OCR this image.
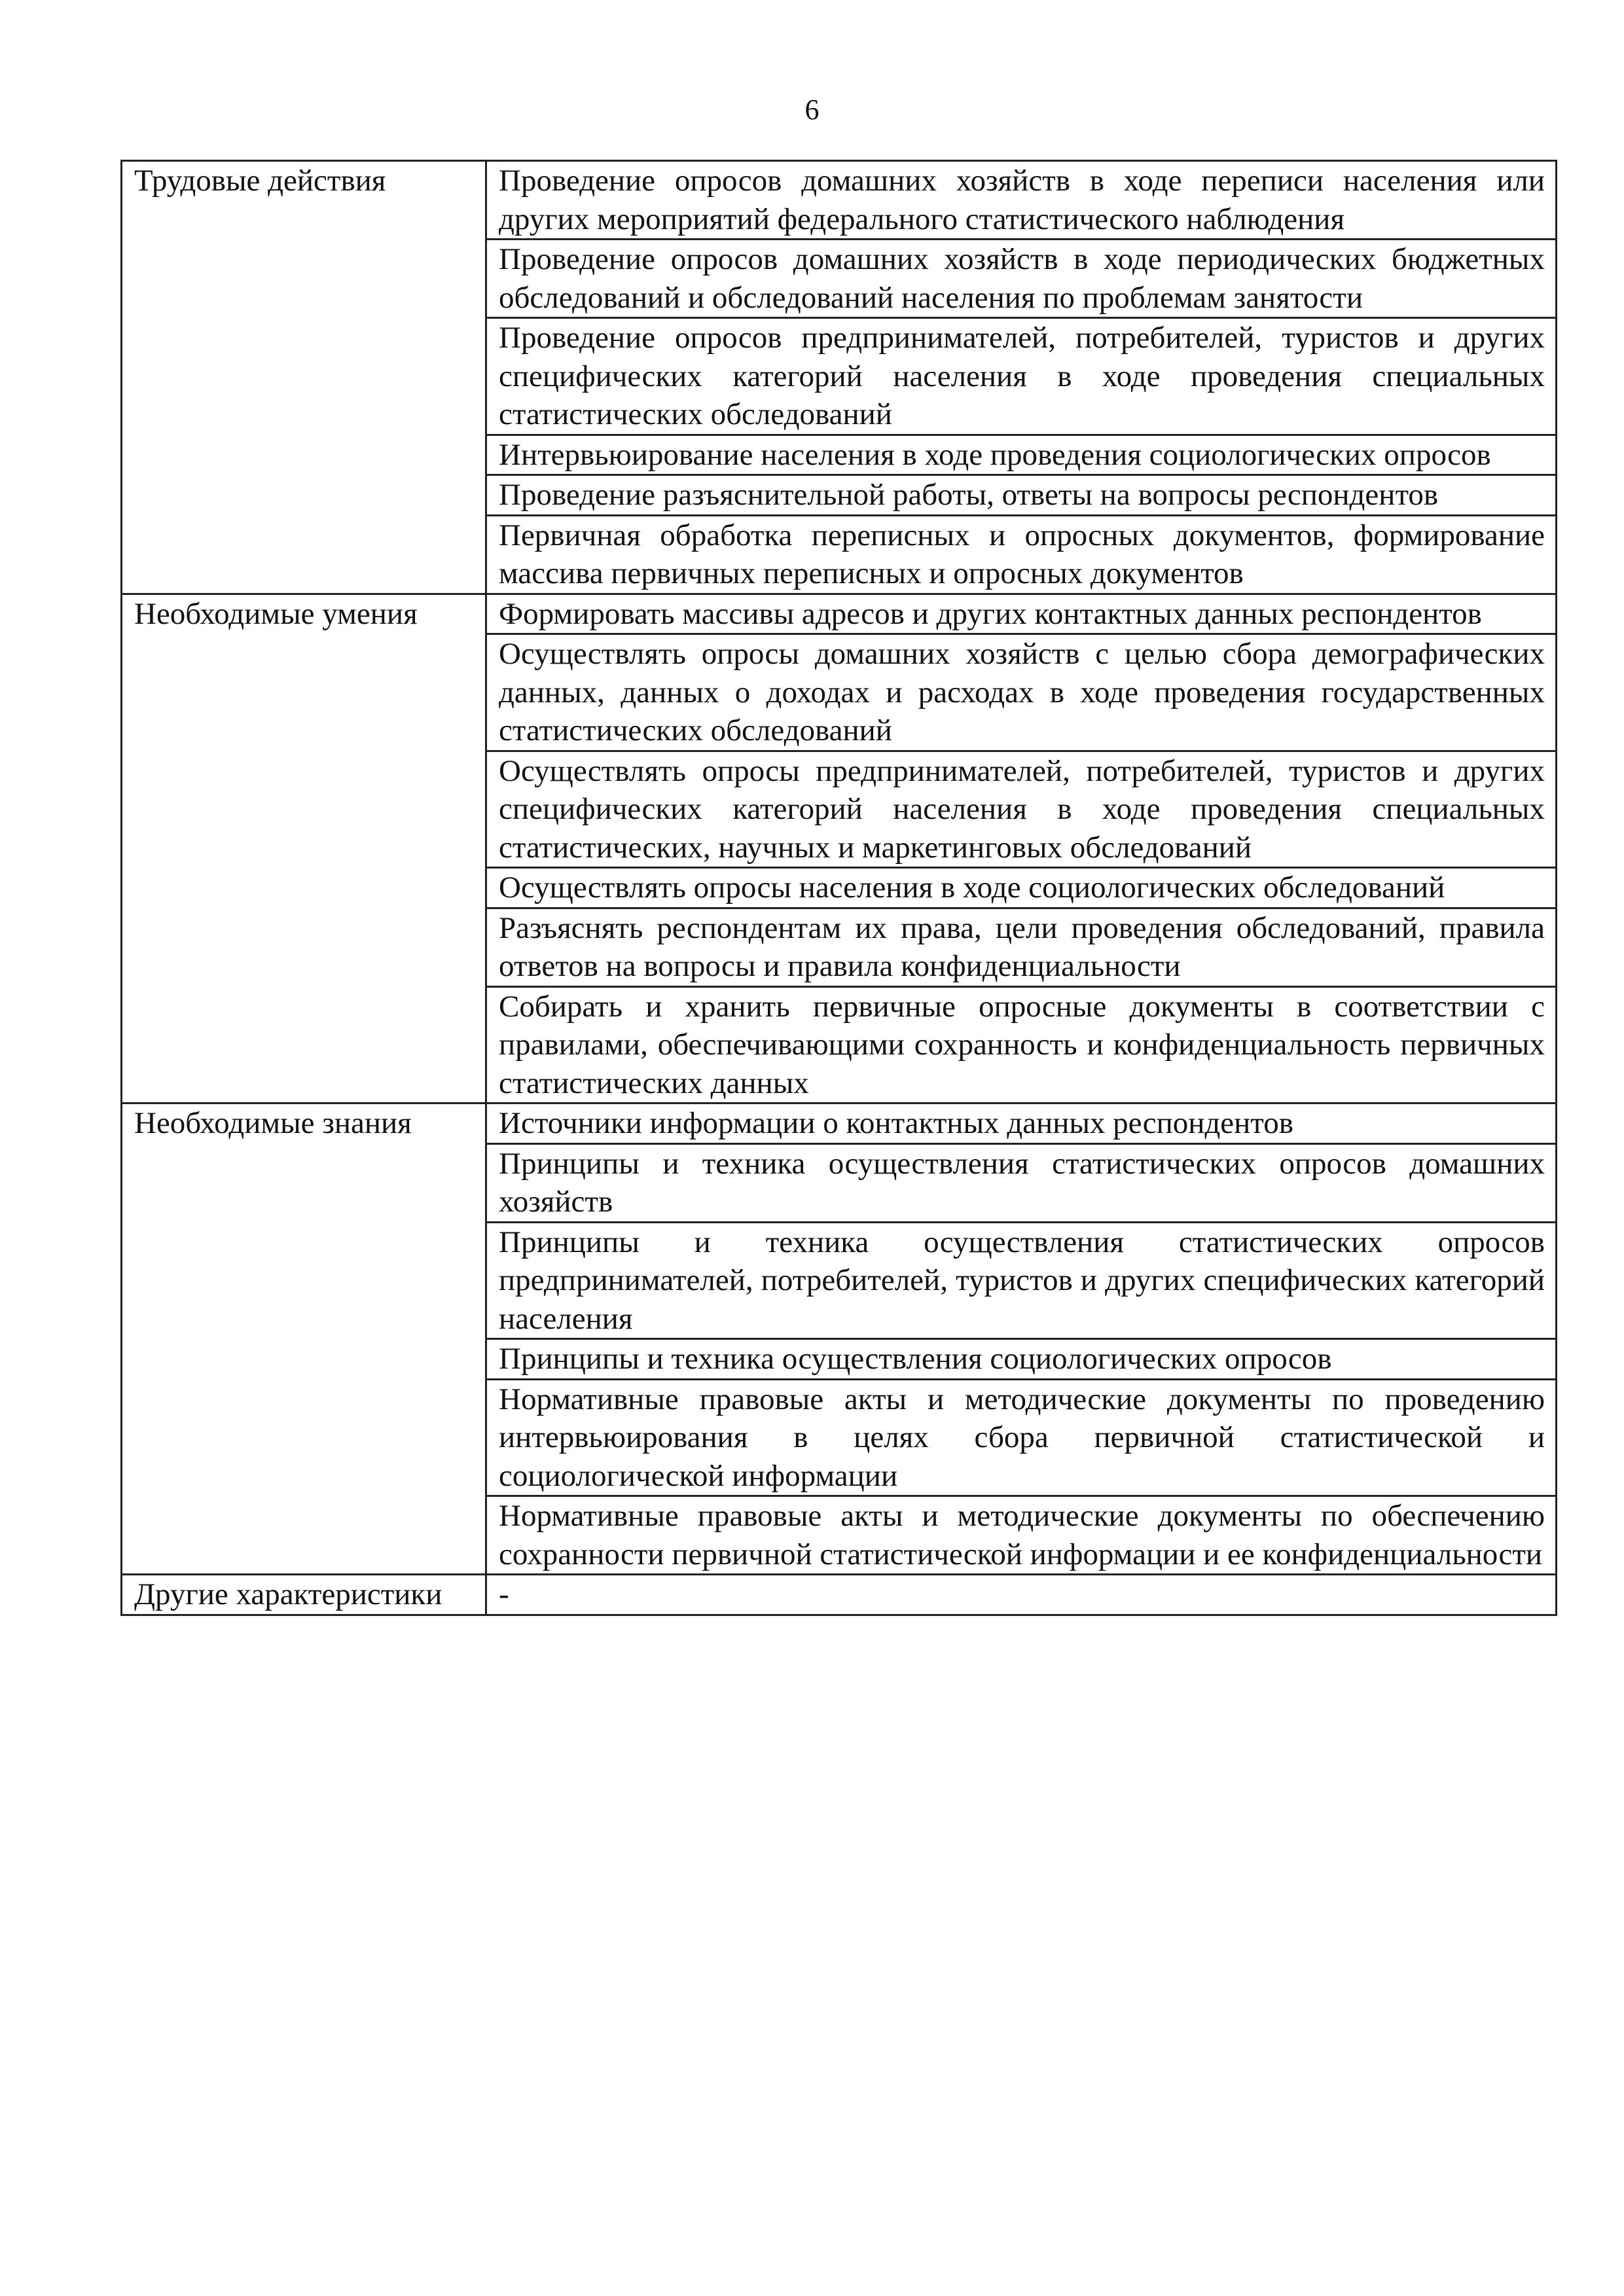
6
Трудовые действия	Проведение опросов домашних хозяйств в ходе переписи населения или других мероприятий федерального статистического наблюдения
	Проведение опросов домашних хозяйств в ходе периодических бюджетных обследований и обследований населения по проблемам занятости
	Проведение опросов предпринимателей, потребителей, туристов и других специфических категорий населения в ходе проведения специальных статистических обследований
	Интервьюирование населения в ходе проведения социологических опросов
	Проведение разъяснительной работы, ответы на вопросы респондентов
	Первичная обработка переписных и опросных документов, формирование массива первичных переписных и опросных документов
Необходимые умения	Формировать массивы адресов и других контактных данных респондентов
	Осуществлять опросы домашних хозяйств с целью сбора демографических данных, данных о доходах и расходах в ходе проведения государственных статистических обследований
	Осуществлять опросы предпринимателей, потребителей, туристов и других специфических категорий населения в ходе проведения специальных статистических, научных и маркетинговых обследований
	Осуществлять опросы населения в ходе социологических обследований
	Разъяснять респондентам их права, цели проведения обследований, правила ответов на вопросы и правила конфиденциальности
	Собирать и хранить первичные опросные документы в соответствии с правилами, обеспечивающими сохранность и конфиденциальность первичных статистических данных
Необходимые знания	Источники информации о контактных данных респондентов
	Принципы и техника осуществления статистических опросов домашних хозяйств
	Принципы и техника осуществления статистических опросов предпринимателей, потребителей, туристов и других специфических категорий населения
	Принципы и техника осуществления социологических опросов
	Нормативные правовые акты и методические документы по проведению интервьюирования в целях сбора первичной статистической и социологической информации
	Нормативные правовые акты и методические документы по обеспечению сохранности первичной статистической информации и ее конфиденциальности
Другие характеристики	-
